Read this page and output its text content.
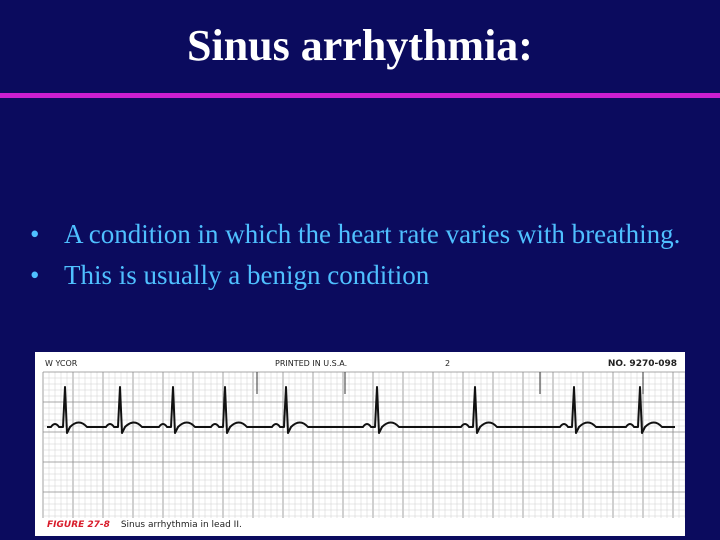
Sinus arrhythmia:
• A condition in which the heart rate varies with breathing.
• This is usually a benign condition
W YCOR	PRINTED IN U.S.A.	2	NO. 9270-098
FIGURE 27-8 Sinus arrhythmia in lead II.
